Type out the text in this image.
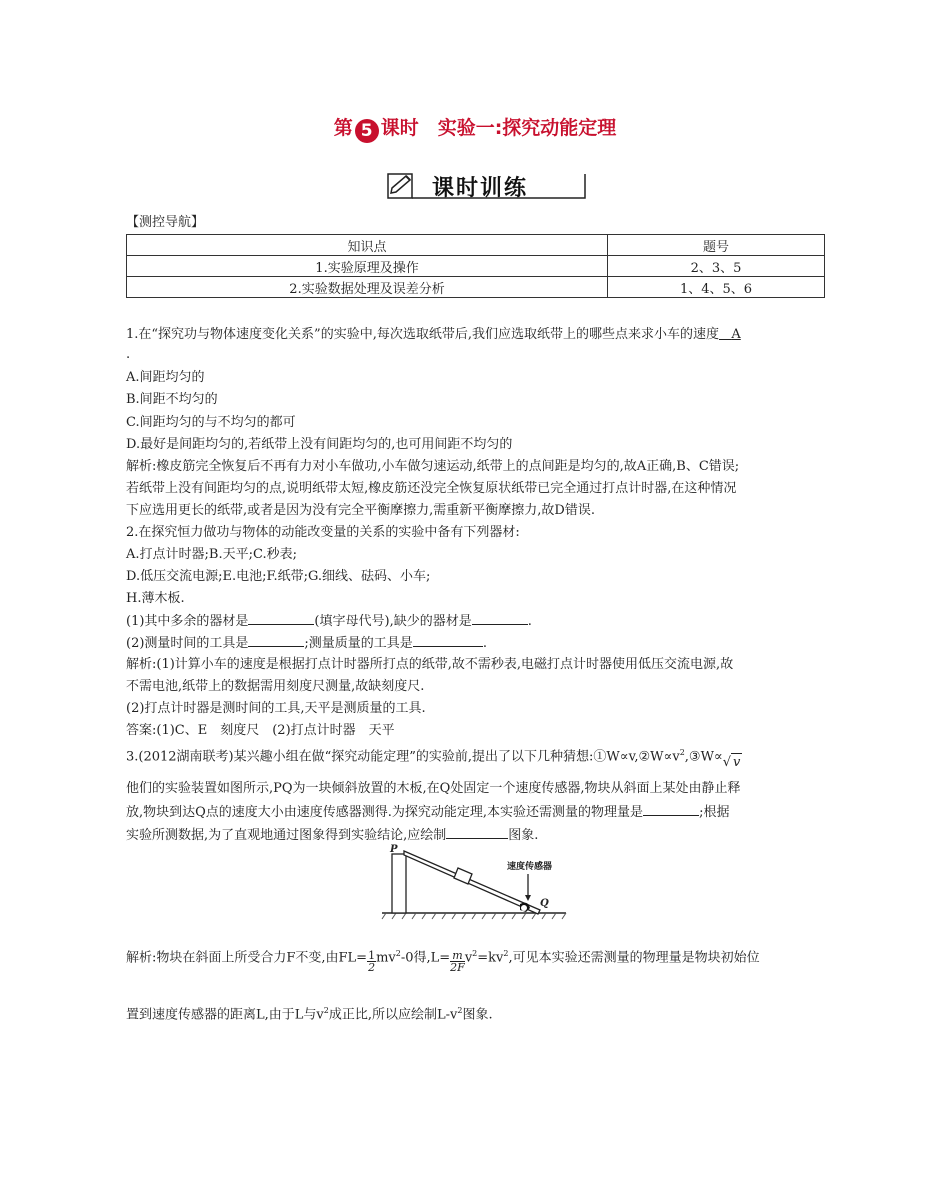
第 5 课时　实验一:探究动能定理
课时训练
【测控导航】
知识点	题号
1.实验原理及操作	2、3、5
2.实验数据处理及误差分析	1、4、5、6
1.在“探究功与物体速度变化关系”的实验中,每次选取纸带后,我们应选取纸带上的哪些点来求小车的速度 A
.
A.间距均匀的
B.间距不均匀的
C.间距均匀的与不均匀的都可
D.最好是间距均匀的,若纸带上没有间距均匀的,也可用间距不均匀的
解析:橡皮筋完全恢复后不再有力对小车做功,小车做匀速运动,纸带上的点间距是均匀的,故A正确,B、C错误;
若纸带上没有间距均匀的点,说明纸带太短,橡皮筋还没完全恢复原状纸带已完全通过打点计时器,在这种情况
下应选用更长的纸带,或者是因为没有完全平衡摩擦力,需重新平衡摩擦力,故D错误.
2.在探究恒力做功与物体的动能改变量的关系的实验中备有下列器材:
A.打点计时器;B.天平;C.秒表;
D.低压交流电源;E.电池;F.纸带;G.细线、砝码、小车;
H.薄木板.
(1)其中多余的器材是	(填字母代号),缺少的器材是	.
(2)测量时间的工具是	;测量质量的工具是	.
解析:(1)计算小车的速度是根据打点计时器所打点的纸带,故不需秒表,电磁打点计时器使用低压交流电源,故
不需电池,纸带上的数据需用刻度尺测量,故缺刻度尺.
(2)打点计时器是测时间的工具,天平是测质量的工具.
答案:(1)C、E　刻度尺　(2)打点计时器　天平
3.(2012湖南联考)某兴趣小组在做“探究动能定理”的实验前,提出了以下几种猜想$:①W\propto v,②W\propto v^2,③W\propto√$ v
他们的实验装置如图所示,PQ为一块倾斜放置的木板,在Q处固定一个速度传感器,物块从斜面上某处由静止释
放,物块到达Q点的速度大小由速度传感器测得.为探究动能定理,本实验还需测量的物理量是	;根据
实验所测数据,为了直观地通过图象得到实验结论,应绘制	图象.
P
Q
速度传感器
解析:物块在斜面上所受合力F不变,由$FL= \frac{1}{2} mv^2-0$得$,L= \frac{m}{2F} v^2=kv^2$,可见本实验还需测量的物理量是物块初始位
置到速度传感器的距离L,由于L与$v^2$成正比,所以应绘制$L-v^2$图象.
